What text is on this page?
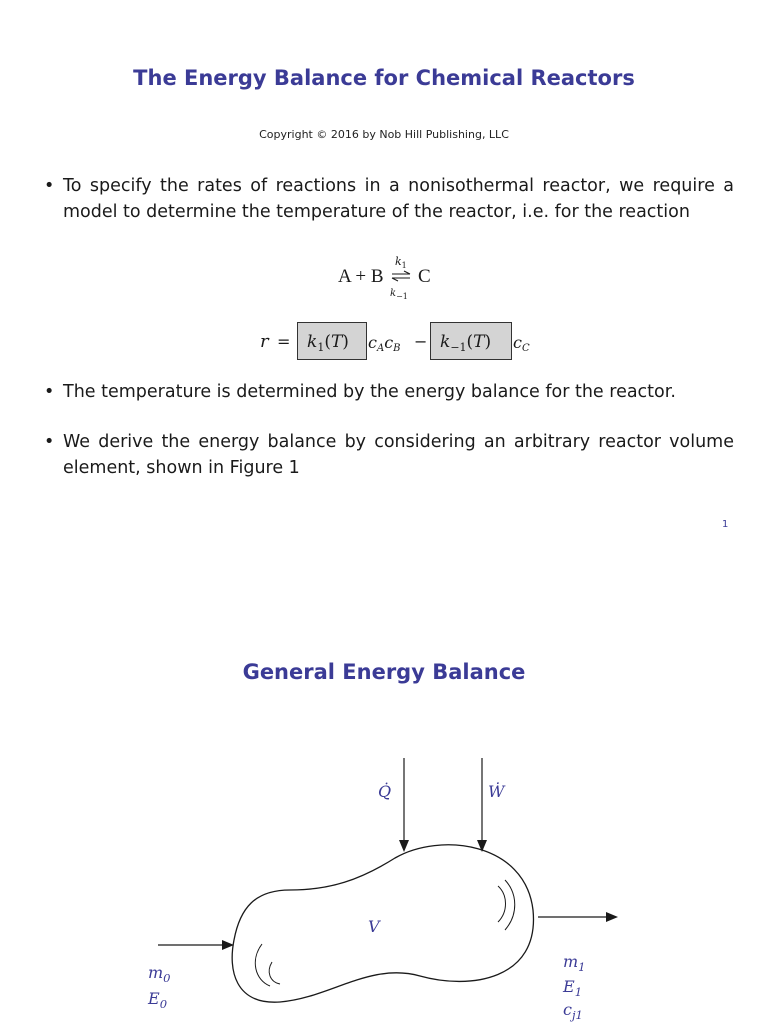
The Energy Balance for Chemical Reactors
Copyright © 2016 by Nob Hill Publishing, LLC
• To specify the rates of reactions in a nonisothermal reactor, we require a model to determine the temperature of the reactor, i.e. for the reaction
A + B
$k_1$
$k_{-1}$
C
$r = k_1(T)$ cAcB − $k_{-1}(T)$ cC
• The temperature is determined by the energy balance for the reactor.
• We derive the energy balance by considering an arbitrary reactor volume element, shown in Figure 1
1
General Energy Balance
Q̇	Ẇ
V
$m_0$
$E_0$
$m_1$
$E_1$
$c_{j1}$
